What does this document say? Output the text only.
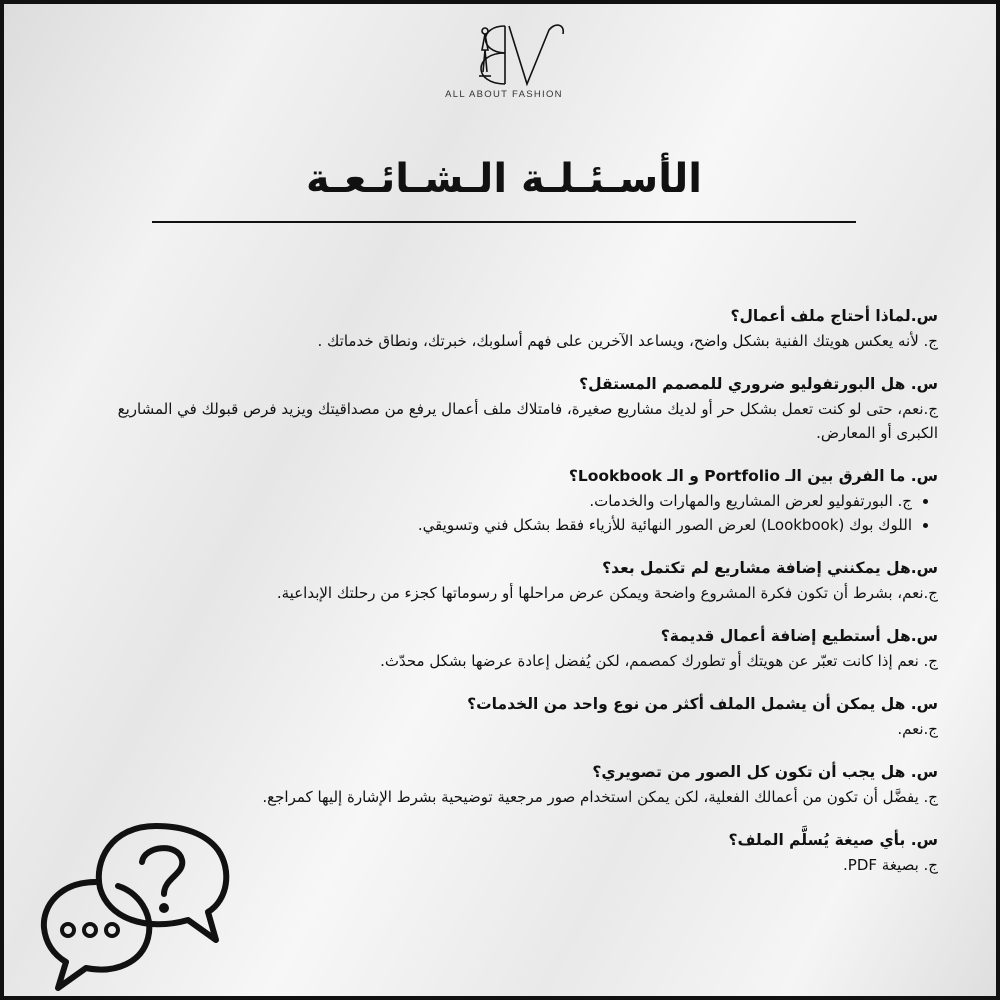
ALL ABOUT FASHION
الأسـئـلـة الـشـائـعـة
س.لماذا أحتاج ملف أعمال؟
ج. لأنه يعكس هويتك الفنية بشكل واضح، ويساعد الآخرين على فهم أسلوبك، خبرتك، ونطاق خدماتك .
س. هل البورتفوليو ضروري للمصمم المستقل؟
ج.نعم، حتى لو كنت تعمل بشكل حر أو لديك مشاريع صغيرة، فامتلاك ملف أعمال يرفع من مصداقيتك ويزيد فرص قبولك في المشاريع الكبرى أو المعارض.
س. ما الفرق بين الـ Portfolio و الـ Lookbook؟
• ج. البورتفوليو لعرض المشاريع والمهارات والخدمات.
• اللوك بوك (Lookbook) لعرض الصور النهائية للأزياء فقط بشكل فني وتسويقي.
س.هل يمكنني إضافة مشاريع لم تكتمل بعد؟
ج.نعم، بشرط أن تكون فكرة المشروع واضحة ويمكن عرض مراحلها أو رسوماتها كجزء من رحلتك الإبداعية.
س.هل أستطيع إضافة أعمال قديمة؟
ج. نعم إذا كانت تعبّر عن هويتك أو تطورك كمصمم، لكن يُفضل إعادة عرضها بشكل محدّث.
س. هل يمكن أن يشمل الملف أكثر من نوع واحد من الخدمات؟
ج.نعم.
س. هل يجب أن تكون كل الصور من تصويري؟
ج. يفضَّل أن تكون من أعمالك الفعلية، لكن يمكن استخدام صور مرجعية توضيحية بشرط الإشارة إليها كمراجع.
س. بأي صيغة يُسلَّم الملف؟
ج. بصيغة PDF.
